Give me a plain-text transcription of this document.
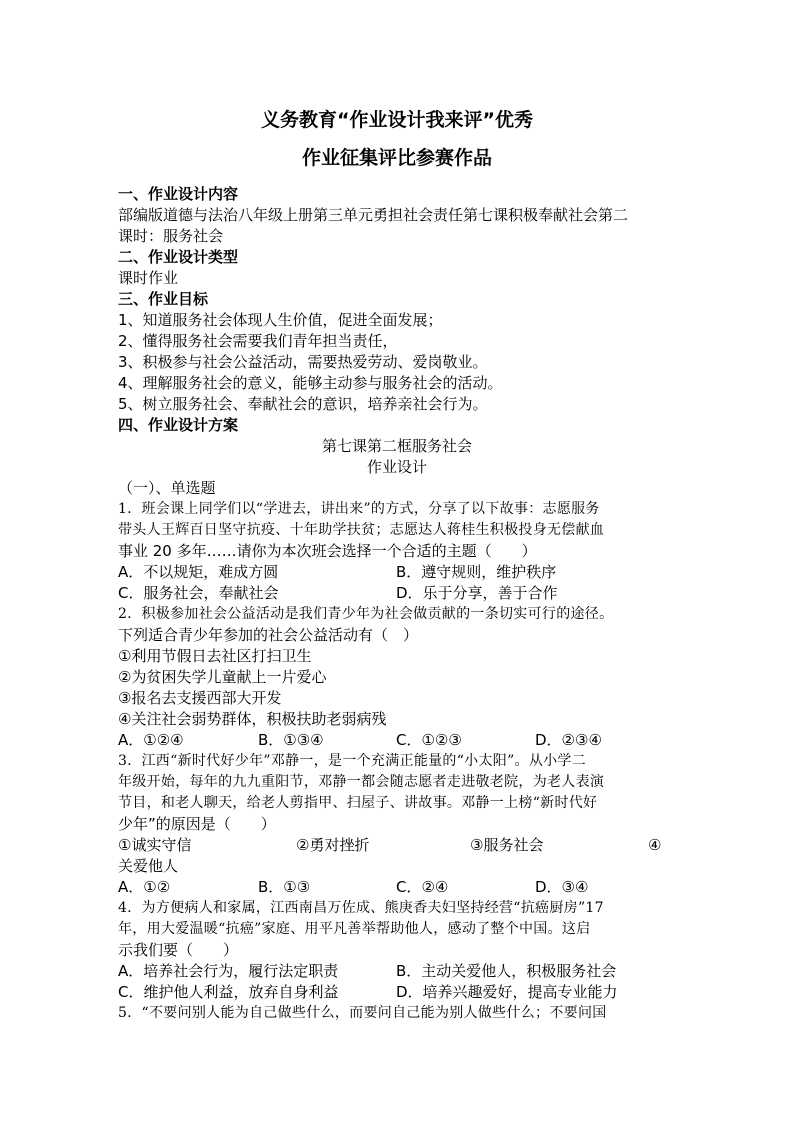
义务教育“作业设计我来评”优秀
作业征集评比参赛作品
一、作业设计内容
部编版道德与法治八年级上册第三单元勇担社会责任第七课积极奉献社会第二
课时：服务社会
二、作业设计类型
课时作业
三、作业目标
1、知道服务社会体现人生价值，促进全面发展；
2、懂得服务社会需要我们青年担当责任，
3、积极参与社会公益活动，需要热爱劳动、爱岗敬业。
4、理解服务社会的意义，能够主动参与服务社会的活动。
5、树立服务社会、奉献社会的意识，培养亲社会行为。
四、作业设计方案
第七课第二框服务社会
作业设计
（一）、单选题
1．班会课上同学们以“学进去，讲出来”的方式，分享了以下故事：志愿服务
带头人王辉百日坚守抗疫、十年助学扶贫；志愿达人蒋桂生积极投身无偿献血
事业 20 多年……请你为本次班会选择一个合适的主题（　　）
A．不以规矩，难成方圆	B．遵守规则，维护秩序
C．服务社会，奉献社会	D．乐于分享，善于合作
2．积极参加社会公益活动是我们青少年为社会做贡献的一条切实可行的途径。
下列适合青少年参加的社会公益活动有（　）
①利用节假日去社区打扫卫生
②为贫困失学儿童献上一片爱心
③报名去支援西部大开发
④关注社会弱势群体，积极扶助老弱病残
A．①②④	B．①③④	C．①②③	D．②③④
3．江西“新时代好少年”邓静一，是一个充满正能量的“小太阳”。从小学二
年级开始，每年的九九重阳节，邓静一都会随志愿者走进敬老院，为老人表演
节目，和老人聊天，给老人剪指甲、扫屋子、讲故事。邓静一上榜“新时代好
少年”的原因是（　　）
①诚实守信	②勇对挫折	③服务社会	④
关爱他人
A．①②	B．①③	C．②④	D．③④
4．为方便病人和家属，江西南昌万佐成、熊庚香夫妇坚持经营“抗癌厨房”17
年，用大爱温暖“抗癌”家庭、用平凡善举帮助他人，感动了整个中国。这启
示我们要（　　）
A．培养社会行为，履行法定职责	B．主动关爱他人，积极服务社会
C．维护他人利益，放弃自身利益	D．培养兴趣爱好，提高专业能力
5．“不要问别人能为自己做些什么，而要问自己能为别人做些什么；不要问国
